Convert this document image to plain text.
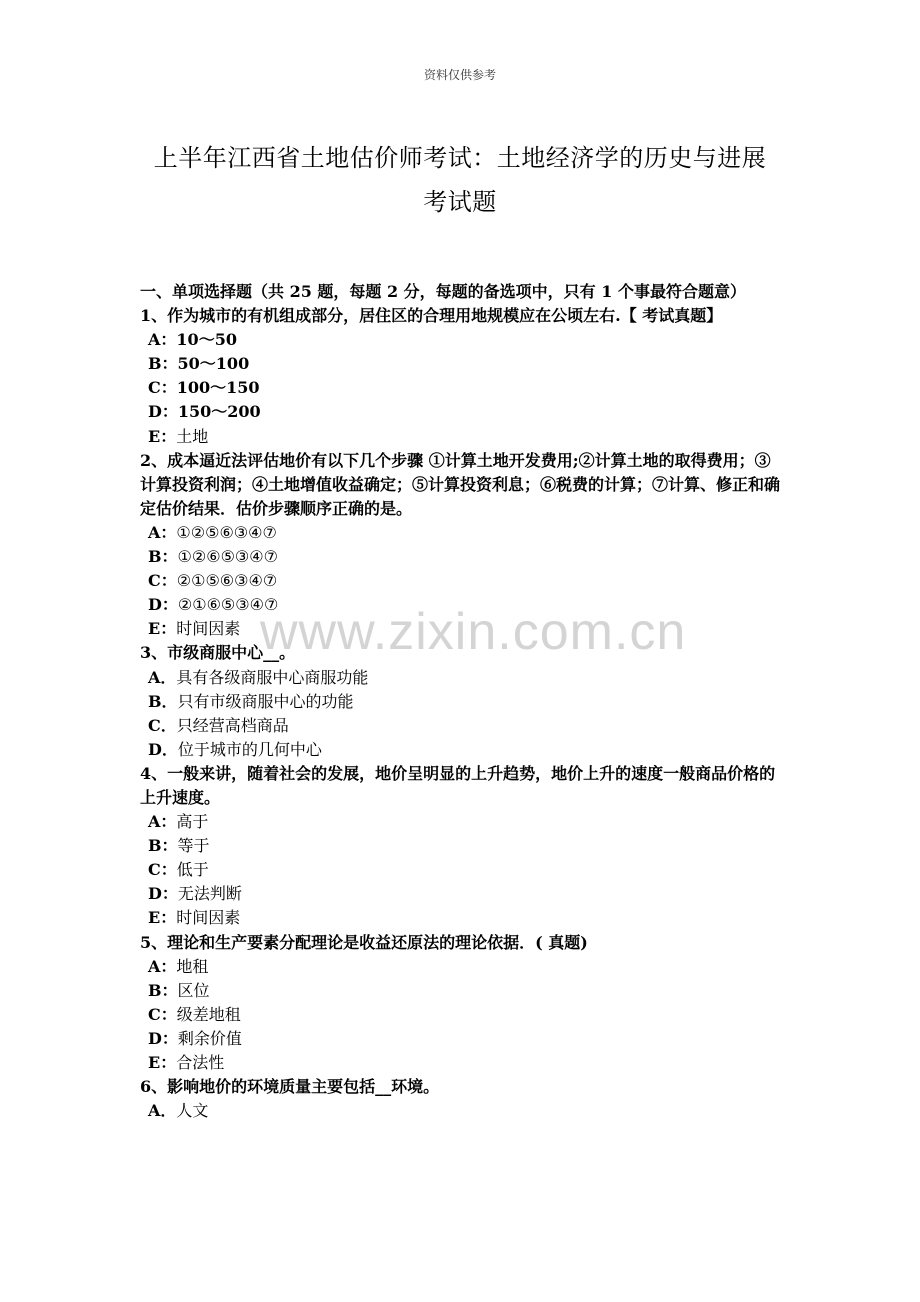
资料仅供参考
上半年江西省土地估价师考试：土地经济学的历史与进展
考试题

一、单项选择题（共 25 题，每题 2 分，每题的备选项中，只有 1 个事最符合题意）

1、作为城市的有机组成部分，居住区的合理用地规模应在公顷左右.【 考试真题】

A：10～50

B：50～100

C：100～150

D：150～200

E：土地

2、成本逼近法评估地价有以下几个步骤 ①计算土地开发费用;②计算土地的取得费用；③计算投资利润；④土地增值收益确定；⑤计算投资利息；⑥税费的计算；⑦计算、修正和确定估价结果．估价步骤顺序正确的是。

A：①②⑤⑥③④⑦

B：①②⑥⑤③④⑦

C：②①⑤⑥③④⑦

D：②①⑥⑤③④⑦

E：时间因素

3、市级商服中心__。

A．具有各级商服中心商服功能

B．只有市级商服中心的功能

C．只经营高档商品

D．位于城市的几何中心

4、一般来讲，随着社会的发展，地价呈明显的上升趋势，地价上升的速度一般商品价格的上升速度。

A：高于

B：等于

C：低于

D：无法判断

E：时间因素

5、理论和生产要素分配理论是收益还原法的理论依据．( 真题)

A：地租

B：区位

C：级差地租

D：剩余价值

E：合法性

6、影响地价的环境质量主要包括__环境。

A．人文

www.zixin.com.cn
